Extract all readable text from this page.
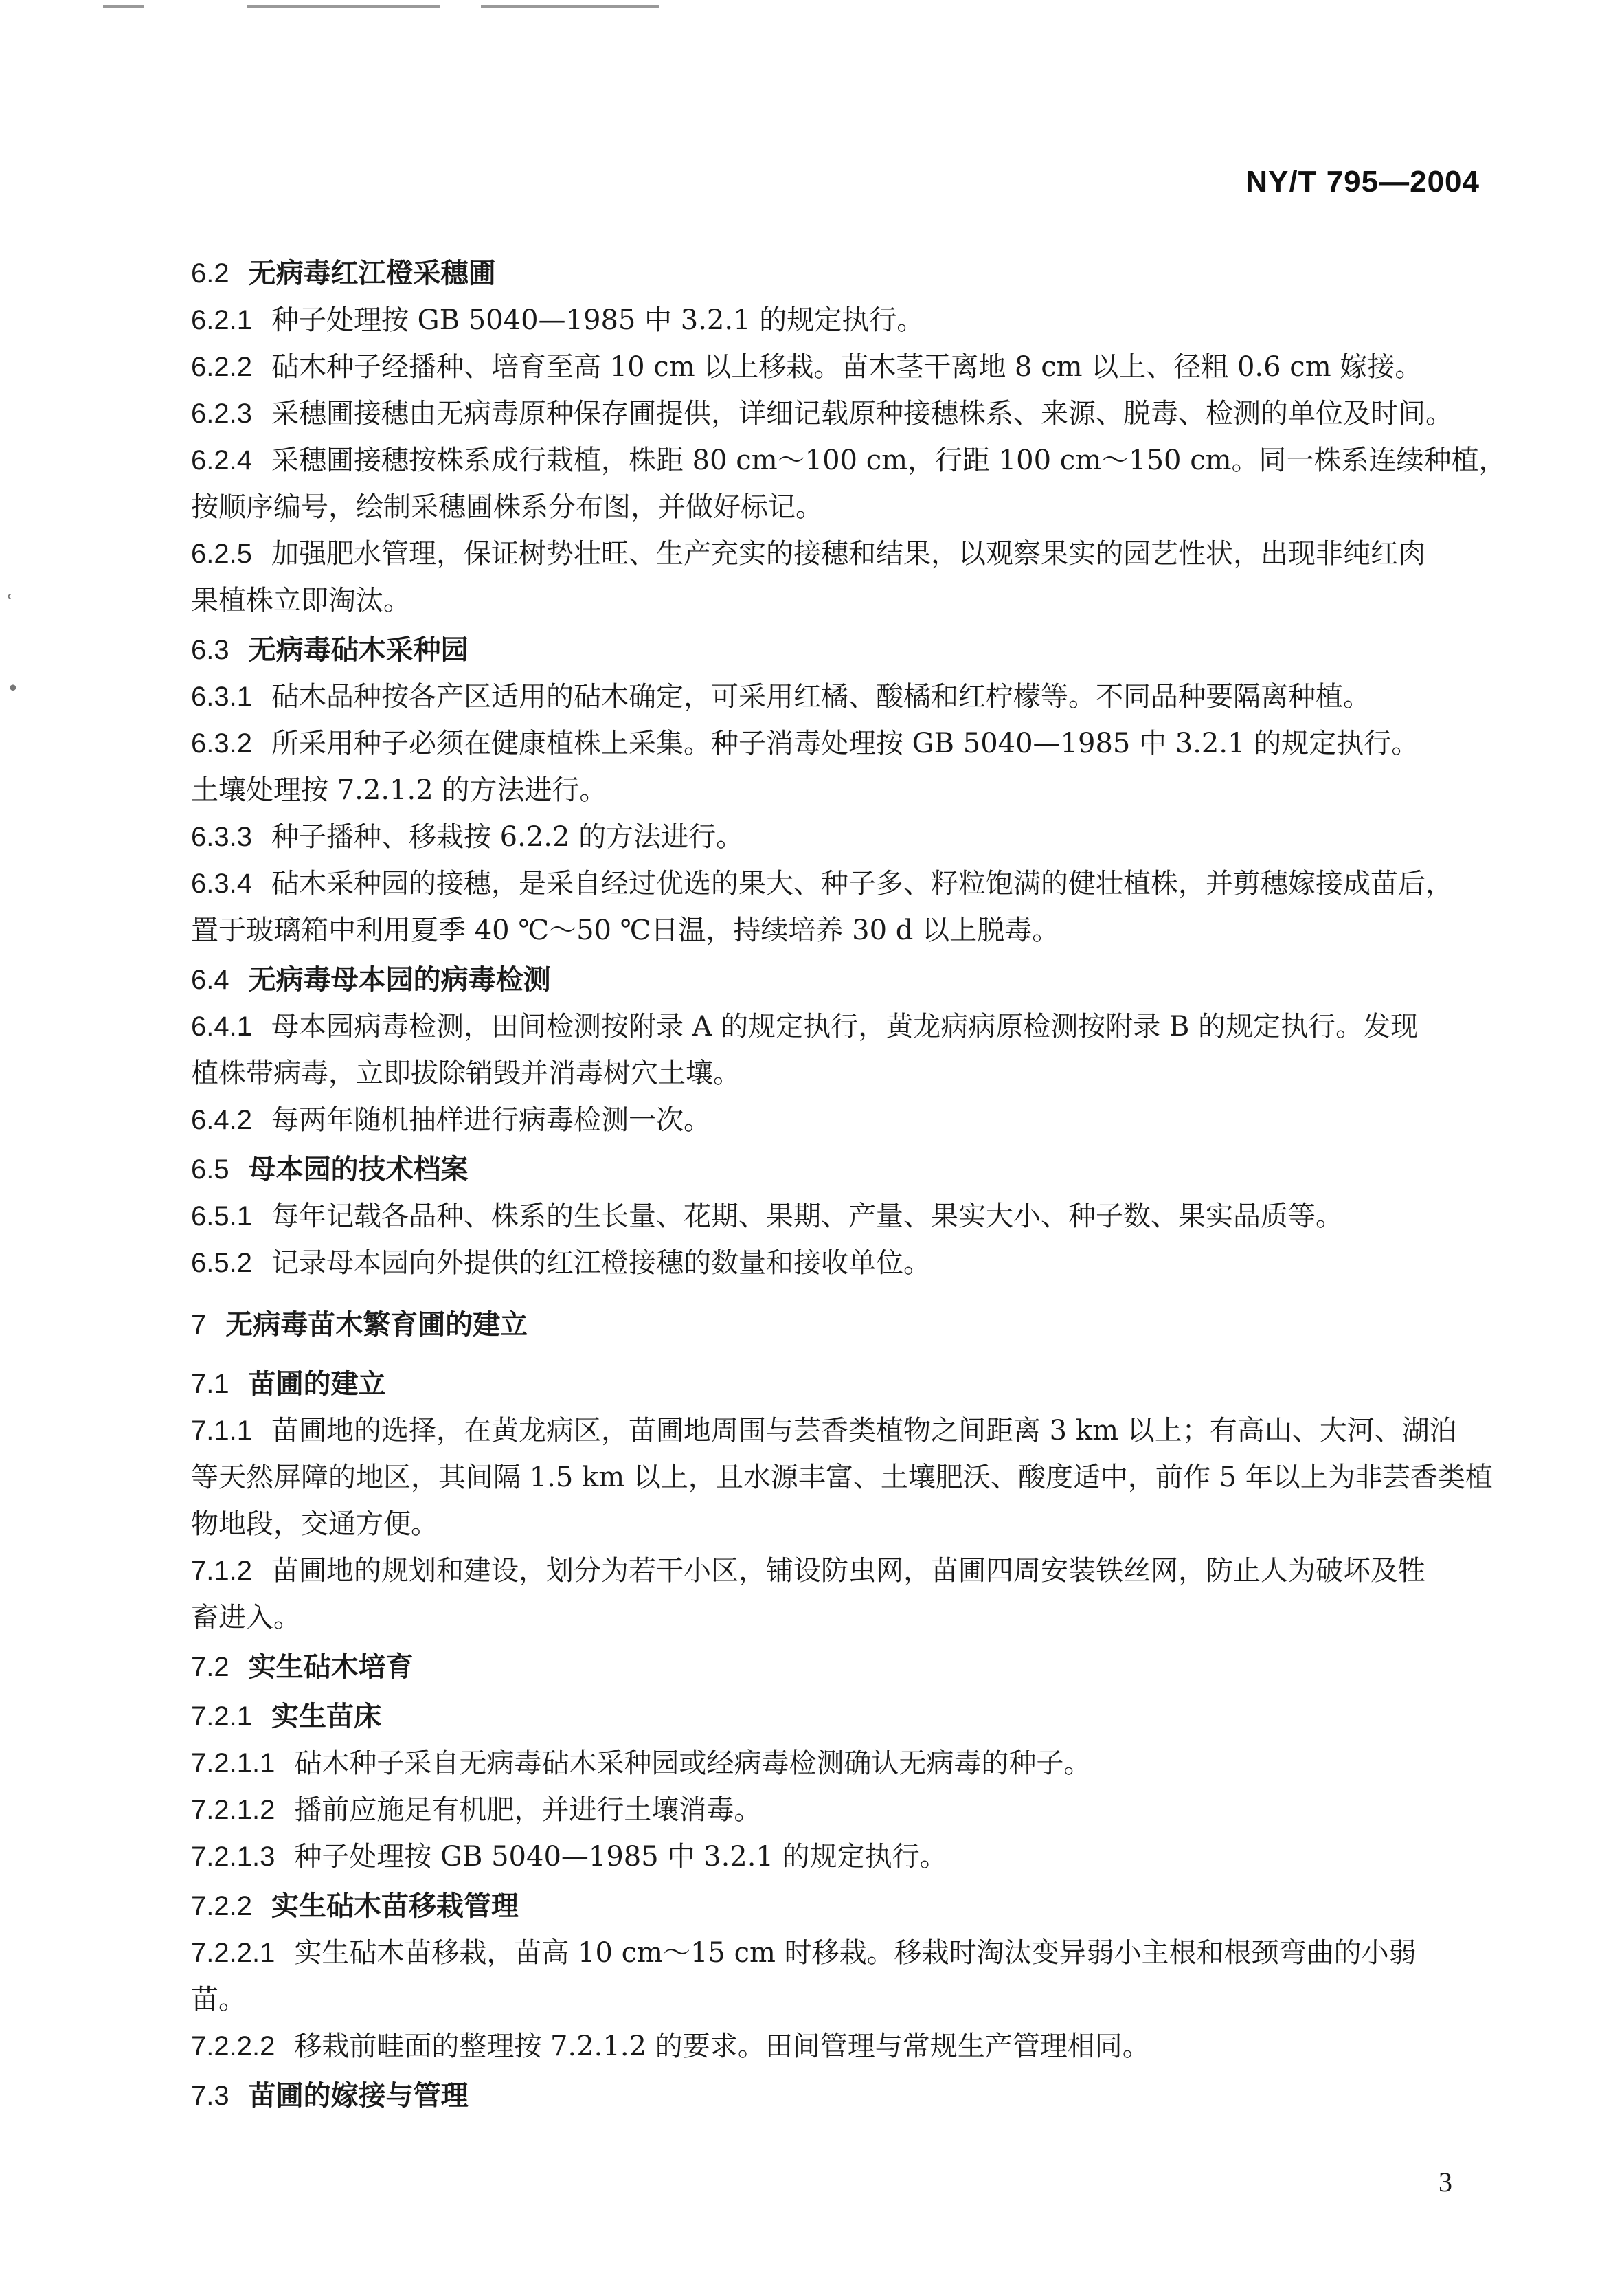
ʿ
•
NY/T 795—2004
6.2 无病毒红江橙采穗圃
6.2.1 种子处理按 GB 5040—1985 中 3.2.1 的规定执行。
6.2.2 砧木种子经播种、培育至高 10 cm 以上移栽。苗木茎干离地 8 cm 以上、径粗 0.6 cm 嫁接。
6.2.3 采穗圃接穗由无病毒原种保存圃提供，详细记载原种接穗株系、来源、脱毒、检测的单位及时间。
6.2.4 采穗圃接穗按株系成行栽植，株距 80 cm～100 cm，行距 100 cm～150 cm。同一株系连续种植，
按顺序编号，绘制采穗圃株系分布图，并做好标记。
6.2.5 加强肥水管理，保证树势壮旺、生产充实的接穗和结果，以观察果实的园艺性状，出现非纯红肉
果植株立即淘汰。
6.3 无病毒砧木采种园
6.3.1 砧木品种按各产区适用的砧木确定，可采用红橘、酸橘和红柠檬等。不同品种要隔离种植。
6.3.2 所采用种子必须在健康植株上采集。种子消毒处理按 GB 5040—1985 中 3.2.1 的规定执行。
土壤处理按 7.2.1.2 的方法进行。
6.3.3 种子播种、移栽按 6.2.2 的方法进行。
6.3.4 砧木采种园的接穗，是采自经过优选的果大、种子多、籽粒饱满的健壮植株，并剪穗嫁接成苗后，
置于玻璃箱中利用夏季 40 ℃～50 ℃日温，持续培养 30 d 以上脱毒。
6.4 无病毒母本园的病毒检测
6.4.1 母本园病毒检测，田间检测按附录 A 的规定执行，黄龙病病原检测按附录 B 的规定执行。发现
植株带病毒，立即拔除销毁并消毒树穴土壤。
6.4.2 每两年随机抽样进行病毒检测一次。
6.5 母本园的技术档案
6.5.1 每年记载各品种、株系的生长量、花期、果期、产量、果实大小、种子数、果实品质等。
6.5.2 记录母本园向外提供的红江橙接穗的数量和接收单位。
7 无病毒苗木繁育圃的建立
7.1 苗圃的建立
7.1.1 苗圃地的选择，在黄龙病区，苗圃地周围与芸香类植物之间距离 3 km 以上；有高山、大河、湖泊
等天然屏障的地区，其间隔 1.5 km 以上，且水源丰富、土壤肥沃、酸度适中，前作 5 年以上为非芸香类植
物地段，交通方便。
7.1.2 苗圃地的规划和建设，划分为若干小区，铺设防虫网，苗圃四周安装铁丝网，防止人为破坏及牲
畜进入。
7.2 实生砧木培育
7.2.1 实生苗床
7.2.1.1 砧木种子采自无病毒砧木采种园或经病毒检测确认无病毒的种子。
7.2.1.2 播前应施足有机肥，并进行土壤消毒。
7.2.1.3 种子处理按 GB 5040—1985 中 3.2.1 的规定执行。
7.2.2 实生砧木苗移栽管理
7.2.2.1 实生砧木苗移栽，苗高 10 cm～15 cm 时移栽。移栽时淘汰变异弱小主根和根颈弯曲的小弱
苗。
7.2.2.2 移栽前畦面的整理按 7.2.1.2 的要求。田间管理与常规生产管理相同。
7.3 苗圃的嫁接与管理
3
